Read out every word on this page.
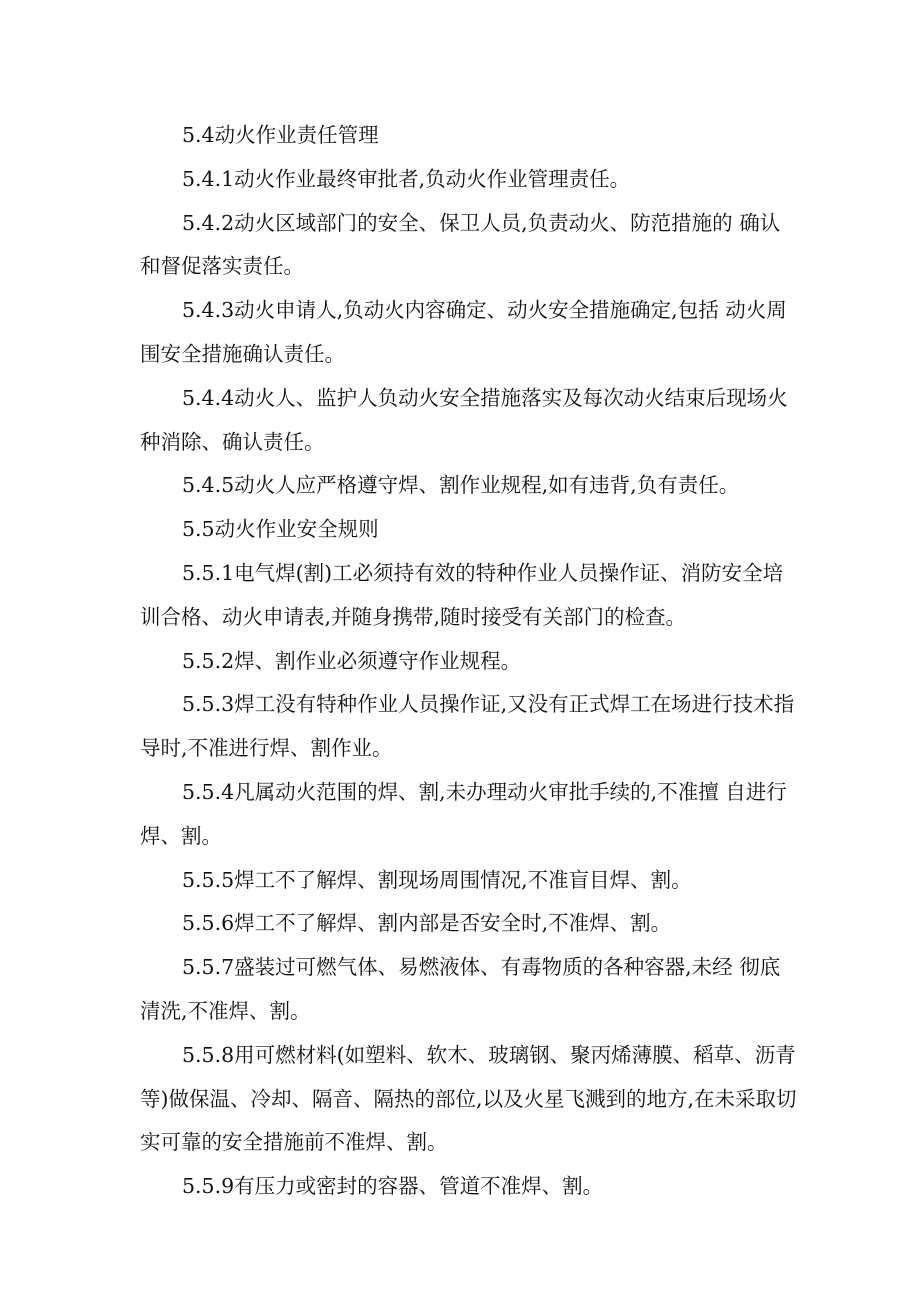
5.4动火作业责任管理

5.4.1动火作业最终审批者,负动火作业管理责任。

5.4.2动火区域部门的安全、保卫人员,负责动火、防范措施的 确认和督促落实责任。

5.4.3动火申请人,负动火内容确定、动火安全措施确定,包括 动火周围安全措施确认责任。

5.4.4动火人、监护人负动火安全措施落实及每次动火结束后现场火种消除、确认责任。

5.4.5动火人应严格遵守焊、割作业规程,如有违背,负有责任。

5.5动火作业安全规则

5.5.1电气焊(割)工必须持有效的特种作业人员操作证、消防安全培训合格、动火申请表,并随身携带,随时接受有关部门的检查。

5.5.2焊、割作业必须遵守作业规程。

5.5.3焊工没有特种作业人员操作证,又没有正式焊工在场进行技术指导时,不准进行焊、割作业。

5.5.4凡属动火范围的焊、割,未办理动火审批手续的,不准擅 自进行焊、割。

5.5.5焊工不了解焊、割现场周围情况,不准盲目焊、割。

5.5.6焊工不了解焊、割内部是否安全时,不准焊、割。

5.5.7盛装过可燃气体、易燃液体、有毒物质的各种容器,未经 彻底清洗,不准焊、割。

5.5.8用可燃材料(如塑料、软木、玻璃钢、聚丙烯薄膜、稻草、沥青等)做保温、冷却、隔音、隔热的部位,以及火星飞溅到的地方,在未采取切实可靠的安全措施前不准焊、割。

5.5.9有压力或密封的容器、管道不准焊、割。
